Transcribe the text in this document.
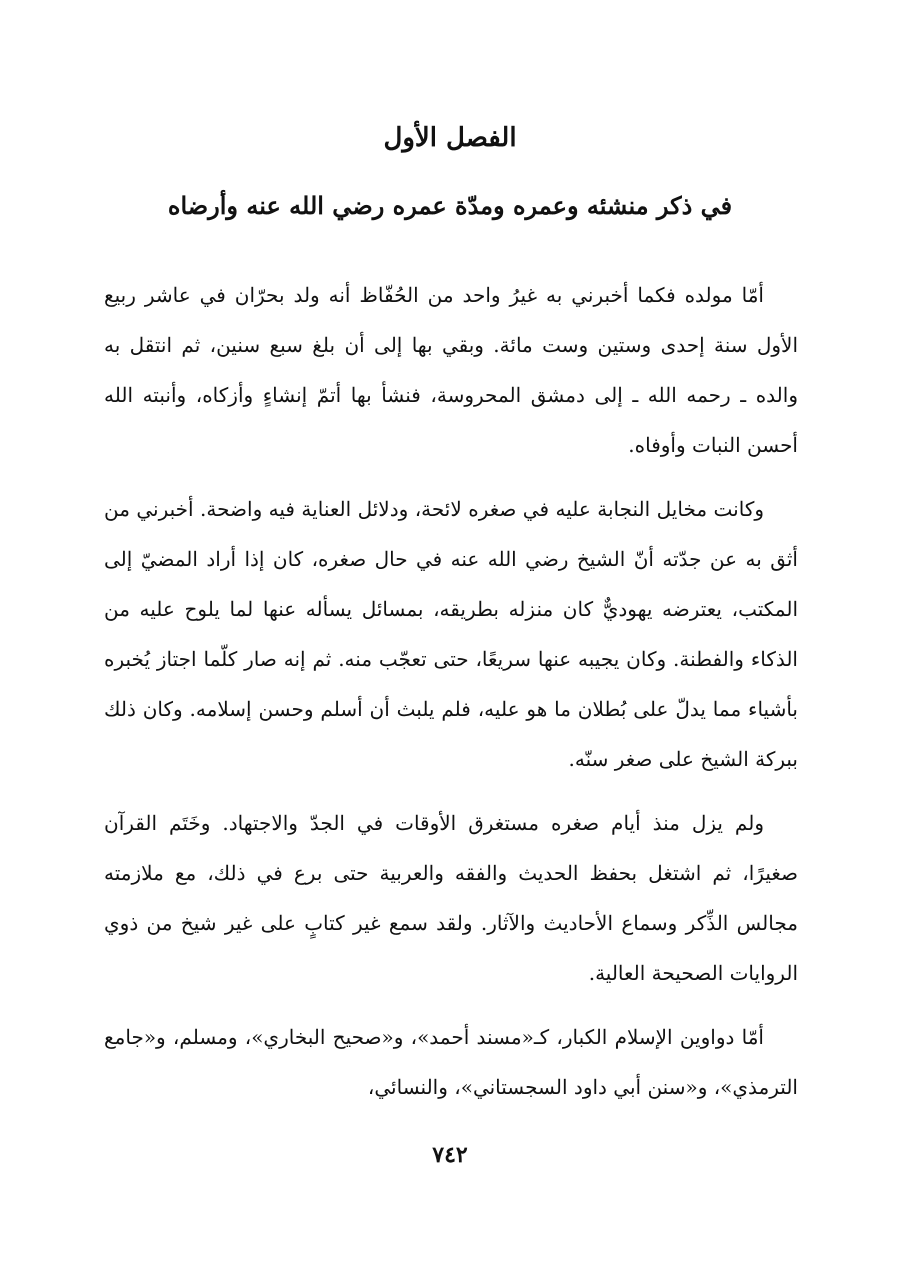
الفصل الأول
في ذكر منشئه وعمره ومدّة عمره رضي الله عنه وأرضاه

أمّا مولده فكما أخبرني به غيرُ واحد من الحُفّاظ أنه ولد بحرّان في عاشر ربيع الأول سنة إحدى وستين وست مائة. وبقي بها إلى أن بلغ سبع سنين، ثم انتقل به والده ـ رحمه الله ـ إلى دمشق المحروسة، فنشأ بها أتمّ إنشاءٍ وأزكاه، وأنبته الله أحسن النبات وأوفاه.

وكانت مخايل النجابة عليه في صغره لائحة، ودلائل العناية فيه واضحة. أخبرني من أثق به عن جدّته أنّ الشيخ رضي الله عنه في حال صغره، كان إذا أراد المضيّ إلى المكتب، يعترضه يهوديٌّ كان منزله بطريقه، بمسائل يسأله عنها لما يلوح عليه من الذكاء والفطنة. وكان يجيبه عنها سريعًا، حتى تعجّب منه. ثم إنه صار كلّما اجتاز يُخبره بأشياء مما يدلّ على بُطلان ما هو عليه، فلم يلبث أن أسلم وحسن إسلامه. وكان ذلك ببركة الشيخ على صغر سنّه.

ولم يزل منذ أيام صغره مستغرق الأوقات في الجدّ والاجتهاد. وخَتَم القرآن صغيرًا، ثم اشتغل بحفظ الحديث والفقه والعربية حتى برع في ذلك، مع ملازمته مجالس الذِّكر وسماع الأحاديث والآثار. ولقد سمع غير كتابٍ على غير شيخ من ذوي الروايات الصحيحة العالية.

أمّا دواوين الإسلام الكبار، كـ«مسند أحمد»، و«صحيح البخاري»، ومسلم، و«جامع الترمذي»، و«سنن أبي داود السجستاني»، والنسائي،

٧٤٢
